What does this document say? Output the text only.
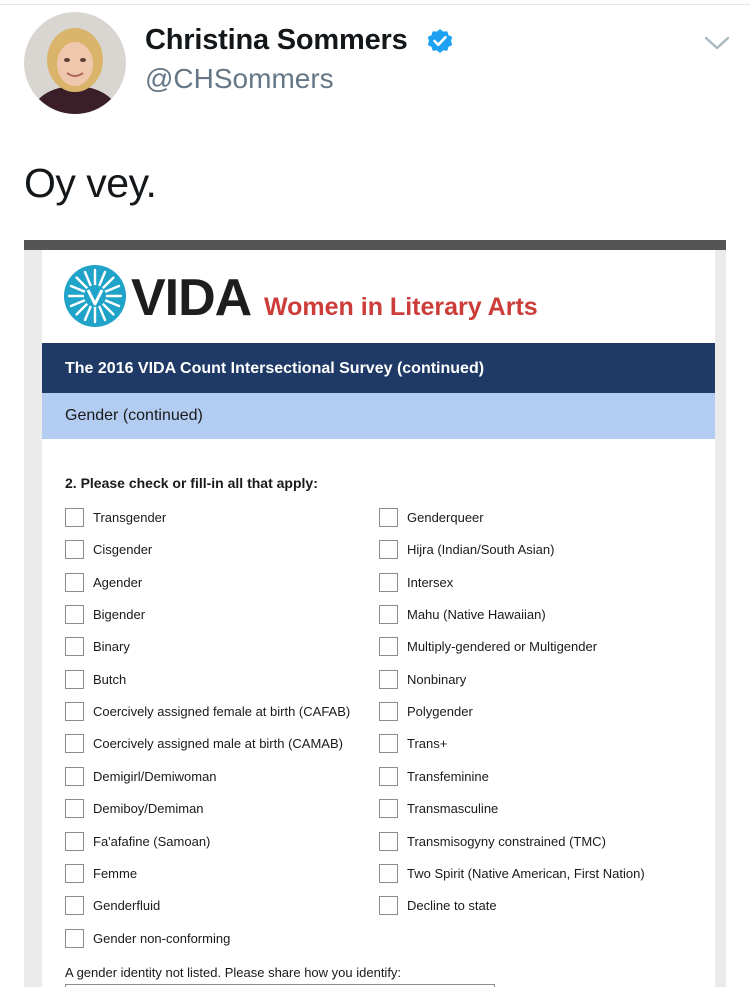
Christina Sommers
@CHSommers
Oy vey.
VIDA Women in Literary Arts
The 2016 VIDA Count Intersectional Survey (continued)
Gender (continued)
2. Please check or fill-in all that apply:
Transgender
Cisgender
Agender
Bigender
Binary
Butch
Coercively assigned female at birth (CAFAB)
Coercively assigned male at birth (CAMAB)
Demigirl/Demiwoman
Demiboy/Demiman
Fa'afafine (Samoan)
Femme
Genderfluid
Gender non-conforming
Genderqueer
Hijra (Indian/South Asian)
Intersex
Mahu (Native Hawaiian)
Multiply-gendered or Multigender
Nonbinary
Polygender
Trans+
Transfeminine
Transmasculine
Transmisogyny constrained (TMC)
Two Spirit (Native American, First Nation)
Decline to state
A gender identity not listed. Please share how you identify:
